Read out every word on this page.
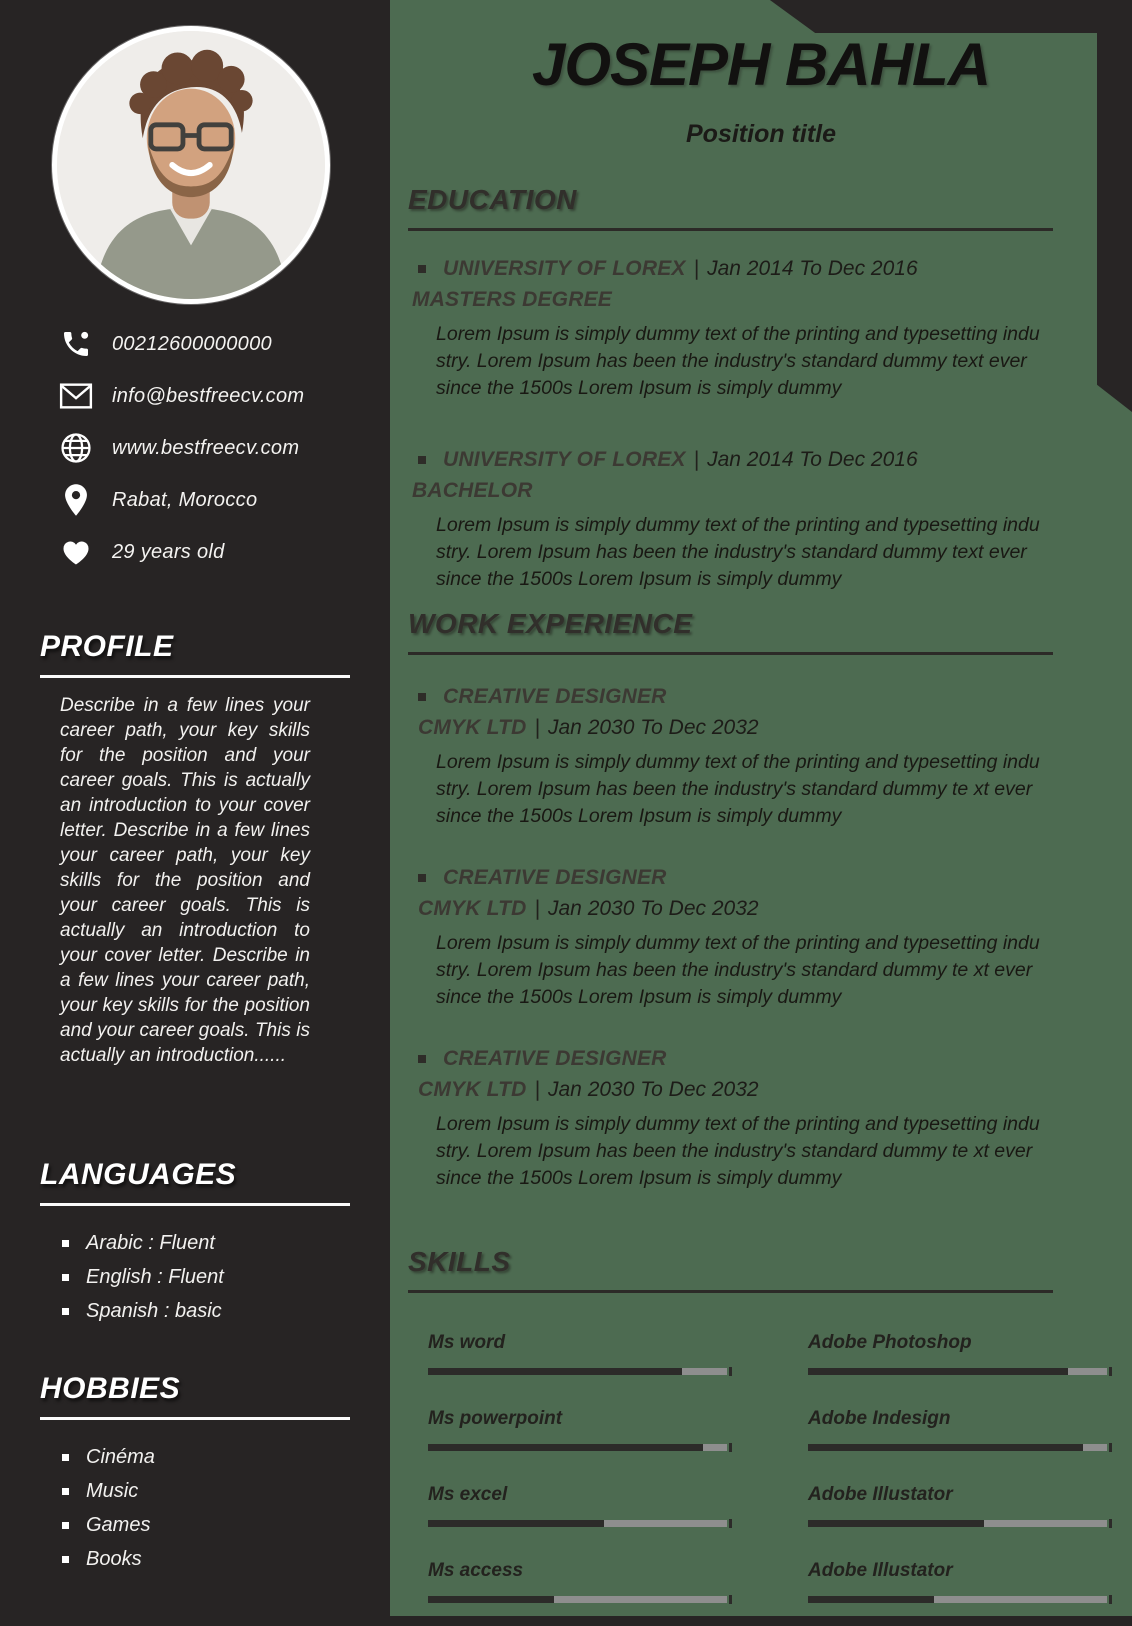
00212600000000
info@bestfreecv.com
www.bestfreecv.com
Rabat, Morocco
29 years old
PROFILE
Describe in a few lines your career path, your key skills for the position and your career goals. This is actually an introduction to your cover letter. Describe in a few lines your career path, your key skills for the position and your career goals. This is actually an introduction to your cover letter. Describe in a few lines your career path, your key skills for the position and your career goals. This is actually an introduction......
LANGUAGES
Arabic : Fluent
English : Fluent
Spanish : basic
HOBBIES
Cinéma
Music
Games
Books
JOSEPH BAHLA
Position title
EDUCATION
UNIVERSITY OF LOREX | Jan 2014 To Dec 2016
MASTERS DEGREE
Lorem Ipsum is simply dummy text of the printing and typesetting indu stry. Lorem Ipsum has been the industry's standard dummy text ever since the 1500s Lorem Ipsum is simply dummy
UNIVERSITY OF LOREX | Jan 2014 To Dec 2016
BACHELOR
Lorem Ipsum is simply dummy text of the printing and typesetting indu stry. Lorem Ipsum has been the industry's standard dummy text ever since the 1500s Lorem Ipsum is simply dummy
WORK EXPERIENCE
CREATIVE DESIGNER
CMYK LTD | Jan 2030 To Dec 2032
Lorem Ipsum is simply dummy text of the printing and typesetting indu stry. Lorem Ipsum has been the industry's standard dummy te xt ever since the 1500s Lorem Ipsum is simply dummy
CREATIVE DESIGNER
CMYK LTD | Jan 2030 To Dec 2032
Lorem Ipsum is simply dummy text of the printing and typesetting indu stry. Lorem Ipsum has been the industry's standard dummy te xt ever since the 1500s Lorem Ipsum is simply dummy
CREATIVE DESIGNER
CMYK LTD | Jan 2030 To Dec 2032
Lorem Ipsum is simply dummy text of the printing and typesetting indu stry. Lorem Ipsum has been the industry's standard dummy te xt ever since the 1500s Lorem Ipsum is simply dummy
SKILLS
Ms word	Adobe Photoshop
Ms powerpoint	Adobe Indesign
Ms excel	Adobe Illustator
Ms access	Adobe Illustator
